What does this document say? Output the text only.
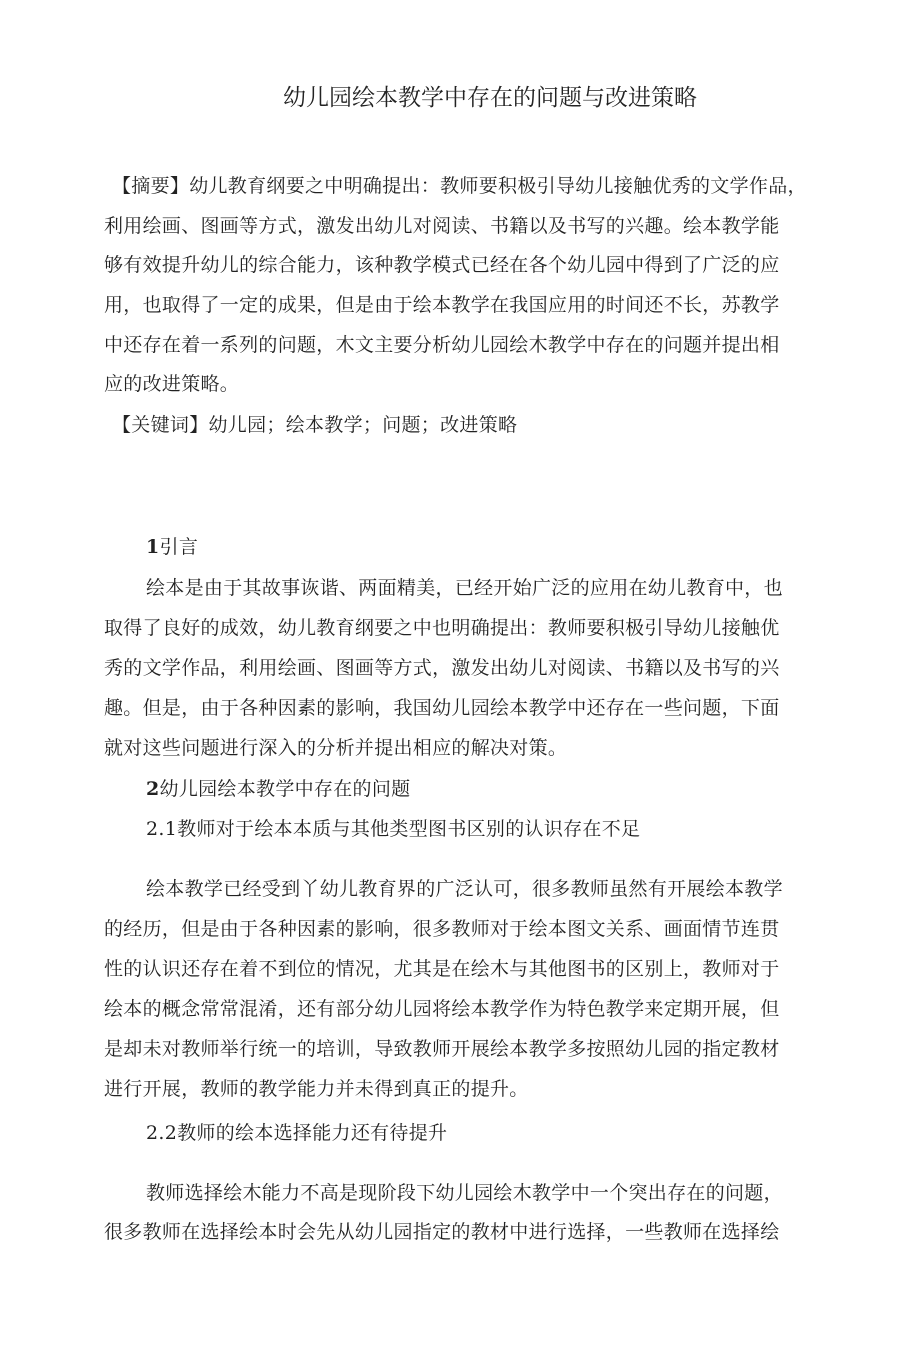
幼儿园绘本教学中存在的问题与改进策略
【摘要】幼儿教育纲要之中明确提出：教师要积极引导幼儿接触优秀的文学作品，
利用绘画、图画等方式，激发出幼儿对阅读、书籍以及书写的兴趣。绘本教学能
够有效提升幼儿的综合能力，该种教学模式已经在各个幼儿园中得到了广泛的应
用，也取得了一定的成果，但是由于绘本教学在我国应用的时间还不长，苏教学
中还存在着一系列的问题，木文主要分析幼儿园绘木教学中存在的问题并提出相
应的改进策略。
【关键词】幼儿园；绘本教学；问题；改进策略
1引言
绘本是由于其故事诙谐、两面精美，已经开始广泛的应用在幼儿教育中，也
取得了良好的成效，幼儿教育纲要之中也明确提出：教师要积极引导幼儿接触优
秀的文学作品，利用绘画、图画等方式，激发出幼儿对阅读、书籍以及书写的兴
趣。但是，由于各种因素的影响，我国幼儿园绘本教学中还存在一些问题，下面
就对这些问题进行深入的分析并提出相应的解决对策。
2幼儿园绘本教学中存在的问题
2.1教师对于绘本本质与其他类型图书区别的认识存在不足
绘本教学已经受到丫幼儿教育界的广泛认可，很多教师虽然有开展绘本教学
的经历，但是由于各种因素的影响，很多教师对于绘本图文关系、画面情节连贯
性的认识还存在着不到位的情况，尤其是在绘木与其他图书的区别上，教师对于
绘本的概念常常混淆，还有部分幼儿园将绘本教学作为特色教学来定期开展，但
是却未对教师举行统一的培训，导致教师开展绘本教学多按照幼儿园的指定教材
进行开展，教师的教学能力并未得到真正的提升。
2.2教师的绘本选择能力还有待提升
教师选择绘木能力不高是现阶段下幼儿园绘木教学中一个突出存在的问题，
很多教师在选择绘本时会先从幼儿园指定的教材中进行选择，一些教师在选择绘
